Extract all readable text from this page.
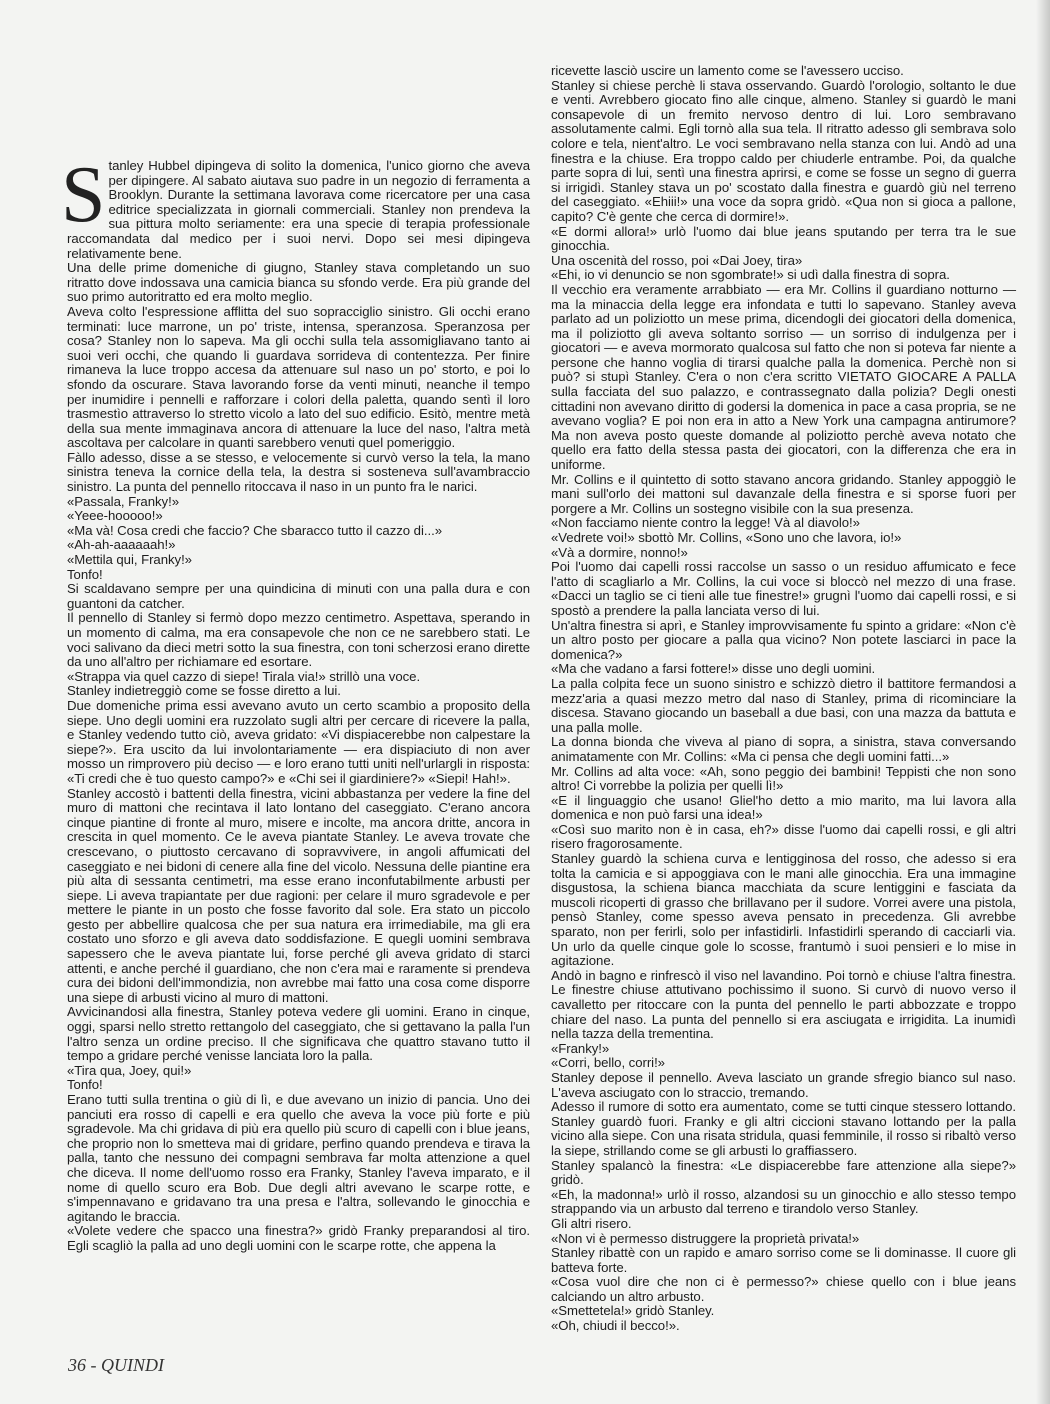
Stanley Hubbel dipingeva di solito la domenica, l'unico giorno che aveva per dipingere. Al sabato aiutava suo padre in un negozio di ferramenta a Brooklyn. Durante la settimana lavorava come ricercatore per una casa editrice specializzata in giornali commerciali. Stanley non prendeva la sua pittura molto seriamente: era una specie di terapia professionale raccomandata dal medico per i suoi nervi. Dopo sei mesi dipingeva relativamente bene.

Una delle prime domeniche di giugno, Stanley stava completando un suo ritratto dove indossava una camicia bianca su sfondo verde. Era più grande del suo primo autoritratto ed era molto meglio.

Aveva colto l'espressione afflitta del suo sopracciglio sinistro. Gli occhi erano terminati: luce marrone, un po' triste, intensa, speranzosa. Speranzosa per cosa? Stanley non lo sapeva. Ma gli occhi sulla tela assomigliavano tanto ai suoi veri occhi, che quando li guardava sorrideva di contentezza. Per finire rimaneva la luce troppo accesa da attenuare sul naso un po' storto, e poi lo sfondo da oscurare. Stava lavorando forse da venti minuti, neanche il tempo per inumidire i pennelli e rafforzare i colori della paletta, quando sentì il loro trasmestìo attraverso lo stretto vicolo a lato del suo edificio. Esitò, mentre metà della sua mente immaginava ancora di attenuare la luce del naso, l'altra metà ascoltava per calcolare in quanti sarebbero venuti quel pomeriggio.

Fàllo adesso, disse a se stesso, e velocemente si curvò verso la tela, la mano sinistra teneva la cornice della tela, la destra si sosteneva sull'avambraccio sinistro. La punta del pennello ritoccava il naso in un punto fra le narici.

«Passala, Franky!»

«Yeee-hooooo!»

«Ma và! Cosa credi che faccio? Che sbaracco tutto il cazzo di...»

«Ah-ah-aaaaaah!»

«Mettila qui, Franky!»

Tonfo!

Si scaldavano sempre per una quindicina di minuti con una palla dura e con guantoni da catcher.

Il pennello di Stanley si fermò dopo mezzo centimetro. Aspettava, sperando in un momento di calma, ma era consapevole che non ce ne sarebbero stati. Le voci salivano da dieci metri sotto la sua finestra, con toni scherzosi erano dirette da uno all'altro per richiamare ed esortare.

«Strappa via quel cazzo di siepe! Tirala via!» strillò una voce.

Stanley indietreggiò come se fosse diretto a lui.

Due domeniche prima essi avevano avuto un certo scambio a proposito della siepe. Uno degli uomini era ruzzolato sugli altri per cercare di ricevere la palla, e Stanley vedendo tutto ciò, aveva gridato: «Vi dispiacerebbe non calpestare la siepe?». Era uscito da lui involontariamente — era dispiaciuto di non aver mosso un rimprovero più deciso — e loro erano tutti uniti nell'urlargli in risposta: «Ti credi che è tuo questo campo?» e «Chi sei il giardiniere?» «Siepi! Hah!».

Stanley accostò i battenti della finestra, vicini abbastanza per vedere la fine del muro di mattoni che recintava il lato lontano del caseggiato. C'erano ancora cinque piantine di fronte al muro, misere e incolte, ma ancora dritte, ancora in crescita in quel momento. Ce le aveva piantate Stanley. Le aveva trovate che crescevano, o piuttosto cercavano di sopravvivere, in angoli affumicati del caseggiato e nei bidoni di cenere alla fine del vicolo. Nessuna delle piantine era più alta di sessanta centimetri, ma esse erano inconfutabilmente arbusti per siepe. Li aveva trapiantate per due ragioni: per celare il muro sgradevole e per mettere le piante in un posto che fosse favorito dal sole. Era stato un piccolo gesto per abbellire qualcosa che per sua natura era irrimediabile, ma gli era costato uno sforzo e gli aveva dato soddisfazione. E quegli uomini sembrava sapessero che le aveva piantate lui, forse perché gli aveva gridato di starci attenti, e anche perché il guardiano, che non c'era mai e raramente si prendeva cura dei bidoni dell'immondizia, non avrebbe mai fatto una cosa come disporre una siepe di arbusti vicino al muro di mattoni.

Avvicinandosi alla finestra, Stanley poteva vedere gli uomini. Erano in cinque, oggi, sparsi nello stretto rettangolo del caseggiato, che si gettavano la palla l'un l'altro senza un ordine preciso. Il che significava che quattro stavano tutto il tempo a gridare perché venisse lanciata loro la palla.

«Tira qua, Joey, qui!»

Tonfo!

Erano tutti sulla trentina o giù di lì, e due avevano un inizio di pancia. Uno dei panciuti era rosso di capelli e era quello che aveva la voce più forte e più sgradevole. Ma chi gridava di più era quello più scuro di capelli con i blue jeans, che proprio non lo smetteva mai di gridare, perfino quando prendeva e tirava la palla, tanto che nessuno dei compagni sembrava far molta attenzione a quel che diceva. Il nome dell'uomo rosso era Franky, Stanley l'aveva imparato, e il nome di quello scuro era Bob. Due degli altri avevano le scarpe rotte, e s'impennavano e gridavano tra una presa e l'altra, sollevando le ginocchia e agitando le braccia.

«Volete vedere che spacco una finestra?» gridò Franky preparandosi al tiro. Egli scagliò la palla ad uno degli uomini con le scarpe rotte, che appena la

ricevette lasciò uscire un lamento come se l'avessero ucciso.

Stanley si chiese perchè li stava osservando. Guardò l'orologio, soltanto le due e venti. Avrebbero giocato fino alle cinque, almeno. Stanley si guardò le mani consapevole di un fremito nervoso dentro di lui. Loro sembravano assolutamente calmi. Egli tornò alla sua tela. Il ritratto adesso gli sembrava solo colore e tela, nient'altro. Le voci sembravano nella stanza con lui. Andò ad una finestra e la chiuse. Era troppo caldo per chiuderle entrambe. Poi, da qualche parte sopra di lui, sentì una finestra aprirsi, e come se fosse un segno di guerra si irrigidì. Stanley stava un po' scostato dalla finestra e guardò giù nel terreno del caseggiato. «Ehiii!» una voce da sopra gridò. «Qua non si gioca a pallone, capito? C'è gente che cerca di dormire!».

«E dormi allora!» urlò l'uomo dai blue jeans sputando per terra tra le sue ginocchia.

Una oscenità del rosso, poi «Dai Joey, tira»

«Ehi, io vi denuncio se non sgombrate!» si udì dalla finestra di sopra.

Il vecchio era veramente arrabbiato — era Mr. Collins il guardiano notturno — ma la minaccia della legge era infondata e tutti lo sapevano. Stanley aveva parlato ad un poliziotto un mese prima, dicendogli dei giocatori della domenica, ma il poliziotto gli aveva soltanto sorriso — un sorriso di indulgenza per i giocatori — e aveva mormorato qualcosa sul fatto che non si poteva far niente a persone che hanno voglia di tirarsi qualche palla la domenica. Perchè non si può? si stupì Stanley. C'era o non c'era scritto VIETATO GIOCARE A PALLA sulla facciata del suo palazzo, e contrassegnato dalla polizia? Degli onesti cittadini non avevano diritto di godersi la domenica in pace a casa propria, se ne avevano voglia? E poi non era in atto a New York una campagna antirumore? Ma non aveva posto queste domande al poliziotto perchè aveva notato che quello era fatto della stessa pasta dei giocatori, con la differenza che era in uniforme.

Mr. Collins e il quintetto di sotto stavano ancora gridando. Stanley appoggiò le mani sull'orlo dei mattoni sul davanzale della finestra e si sporse fuori per porgere a Mr. Collins un sostegno visibile con la sua presenza.

«Non facciamo niente contro la legge! Và al diavolo!»

«Vedrete voi!» sbottò Mr. Collins, «Sono uno che lavora, io!»

«Và a dormire, nonno!»

Poi l'uomo dai capelli rossi raccolse un sasso o un residuo affumicato e fece l'atto di scagliarlo a Mr. Collins, la cui voce si bloccò nel mezzo di una frase. «Dacci un taglio se ci tieni alle tue finestre!» grugnì l'uomo dai capelli rossi, e si spostò a prendere la palla lanciata verso di lui.

Un'altra finestra si aprì, e Stanley improvvisamente fu spinto a gridare: «Non c'è un altro posto per giocare a palla qua vicino? Non potete lasciarci in pace la domenica?»

«Ma che vadano a farsi fottere!» disse uno degli uomini.

La palla colpita fece un suono sinistro e schizzò dietro il battitore fermandosi a mezz'aria a quasi mezzo metro dal naso di Stanley, prima di ricominciare la discesa. Stavano giocando un baseball a due basi, con una mazza da battuta e una palla molle.

La donna bionda che viveva al piano di sopra, a sinistra, stava conversando animatamente con Mr. Collins: «Ma ci pensa che degli uomini fatti...»

Mr. Collins ad alta voce: «Ah, sono peggio dei bambini! Teppisti che non sono altro! Ci vorrebbe la polizia per quelli lì!»

«E il linguaggio che usano! Gliel'ho detto a mio marito, ma lui lavora alla domenica e non può farsi una idea!»

«Così suo marito non è in casa, eh?» disse l'uomo dai capelli rossi, e gli altri risero fragorosamente.

Stanley guardò la schiena curva e lentigginosa del rosso, che adesso si era tolta la camicia e si appoggiava con le mani alle ginocchia. Era una immagine disgustosa, la schiena bianca macchiata da scure lentiggini e fasciata da muscoli ricoperti di grasso che brillavano per il sudore. Vorrei avere una pistola, pensò Stanley, come spesso aveva pensato in precedenza. Gli avrebbe sparato, non per ferirli, solo per infastidirli. Infastidirli sperando di cacciarli via. Un urlo da quelle cinque gole lo scosse, frantumò i suoi pensieri e lo mise in agitazione.

Andò in bagno e rinfrescò il viso nel lavandino. Poi tornò e chiuse l'altra finestra. Le finestre chiuse attutivano pochissimo il suono. Si curvò di nuovo verso il cavalletto per ritoccare con la punta del pennello le parti abbozzate e troppo chiare del naso. La punta del pennello si era asciugata e irrigidita. La inumidì nella tazza della trementina.

«Franky!»

«Corri, bello, corri!»

Stanley depose il pennello. Aveva lasciato un grande sfregio bianco sul naso. L'aveva asciugato con lo straccio, tremando.

Adesso il rumore di sotto era aumentato, come se tutti cinque stessero lottando. Stanley guardò fuori. Franky e gli altri ciccioni stavano lottando per la palla vicino alla siepe. Con una risata stridula, quasi femminile, il rosso si ribaltò verso la siepe, strillando come se gli arbusti lo graffiassero.

Stanley spalancò la finestra: «Le dispiacerebbe fare attenzione alla siepe?» gridò.

«Eh, la madonna!» urlò il rosso, alzandosi su un ginocchio e allo stesso tempo strappando via un arbusto dal terreno e tirandolo verso Stanley.

Gli altri risero.

«Non vi è permesso distruggere la proprietà privata!»

Stanley ribattè con un rapido e amaro sorriso come se li dominasse. Il cuore gli batteva forte.

«Cosa vuol dire che non ci è permesso?» chiese quello con i blue jeans calciando un altro arbusto.

«Smettetela!» gridò Stanley.

«Oh, chiudi il becco!».

36 - QUINDI
